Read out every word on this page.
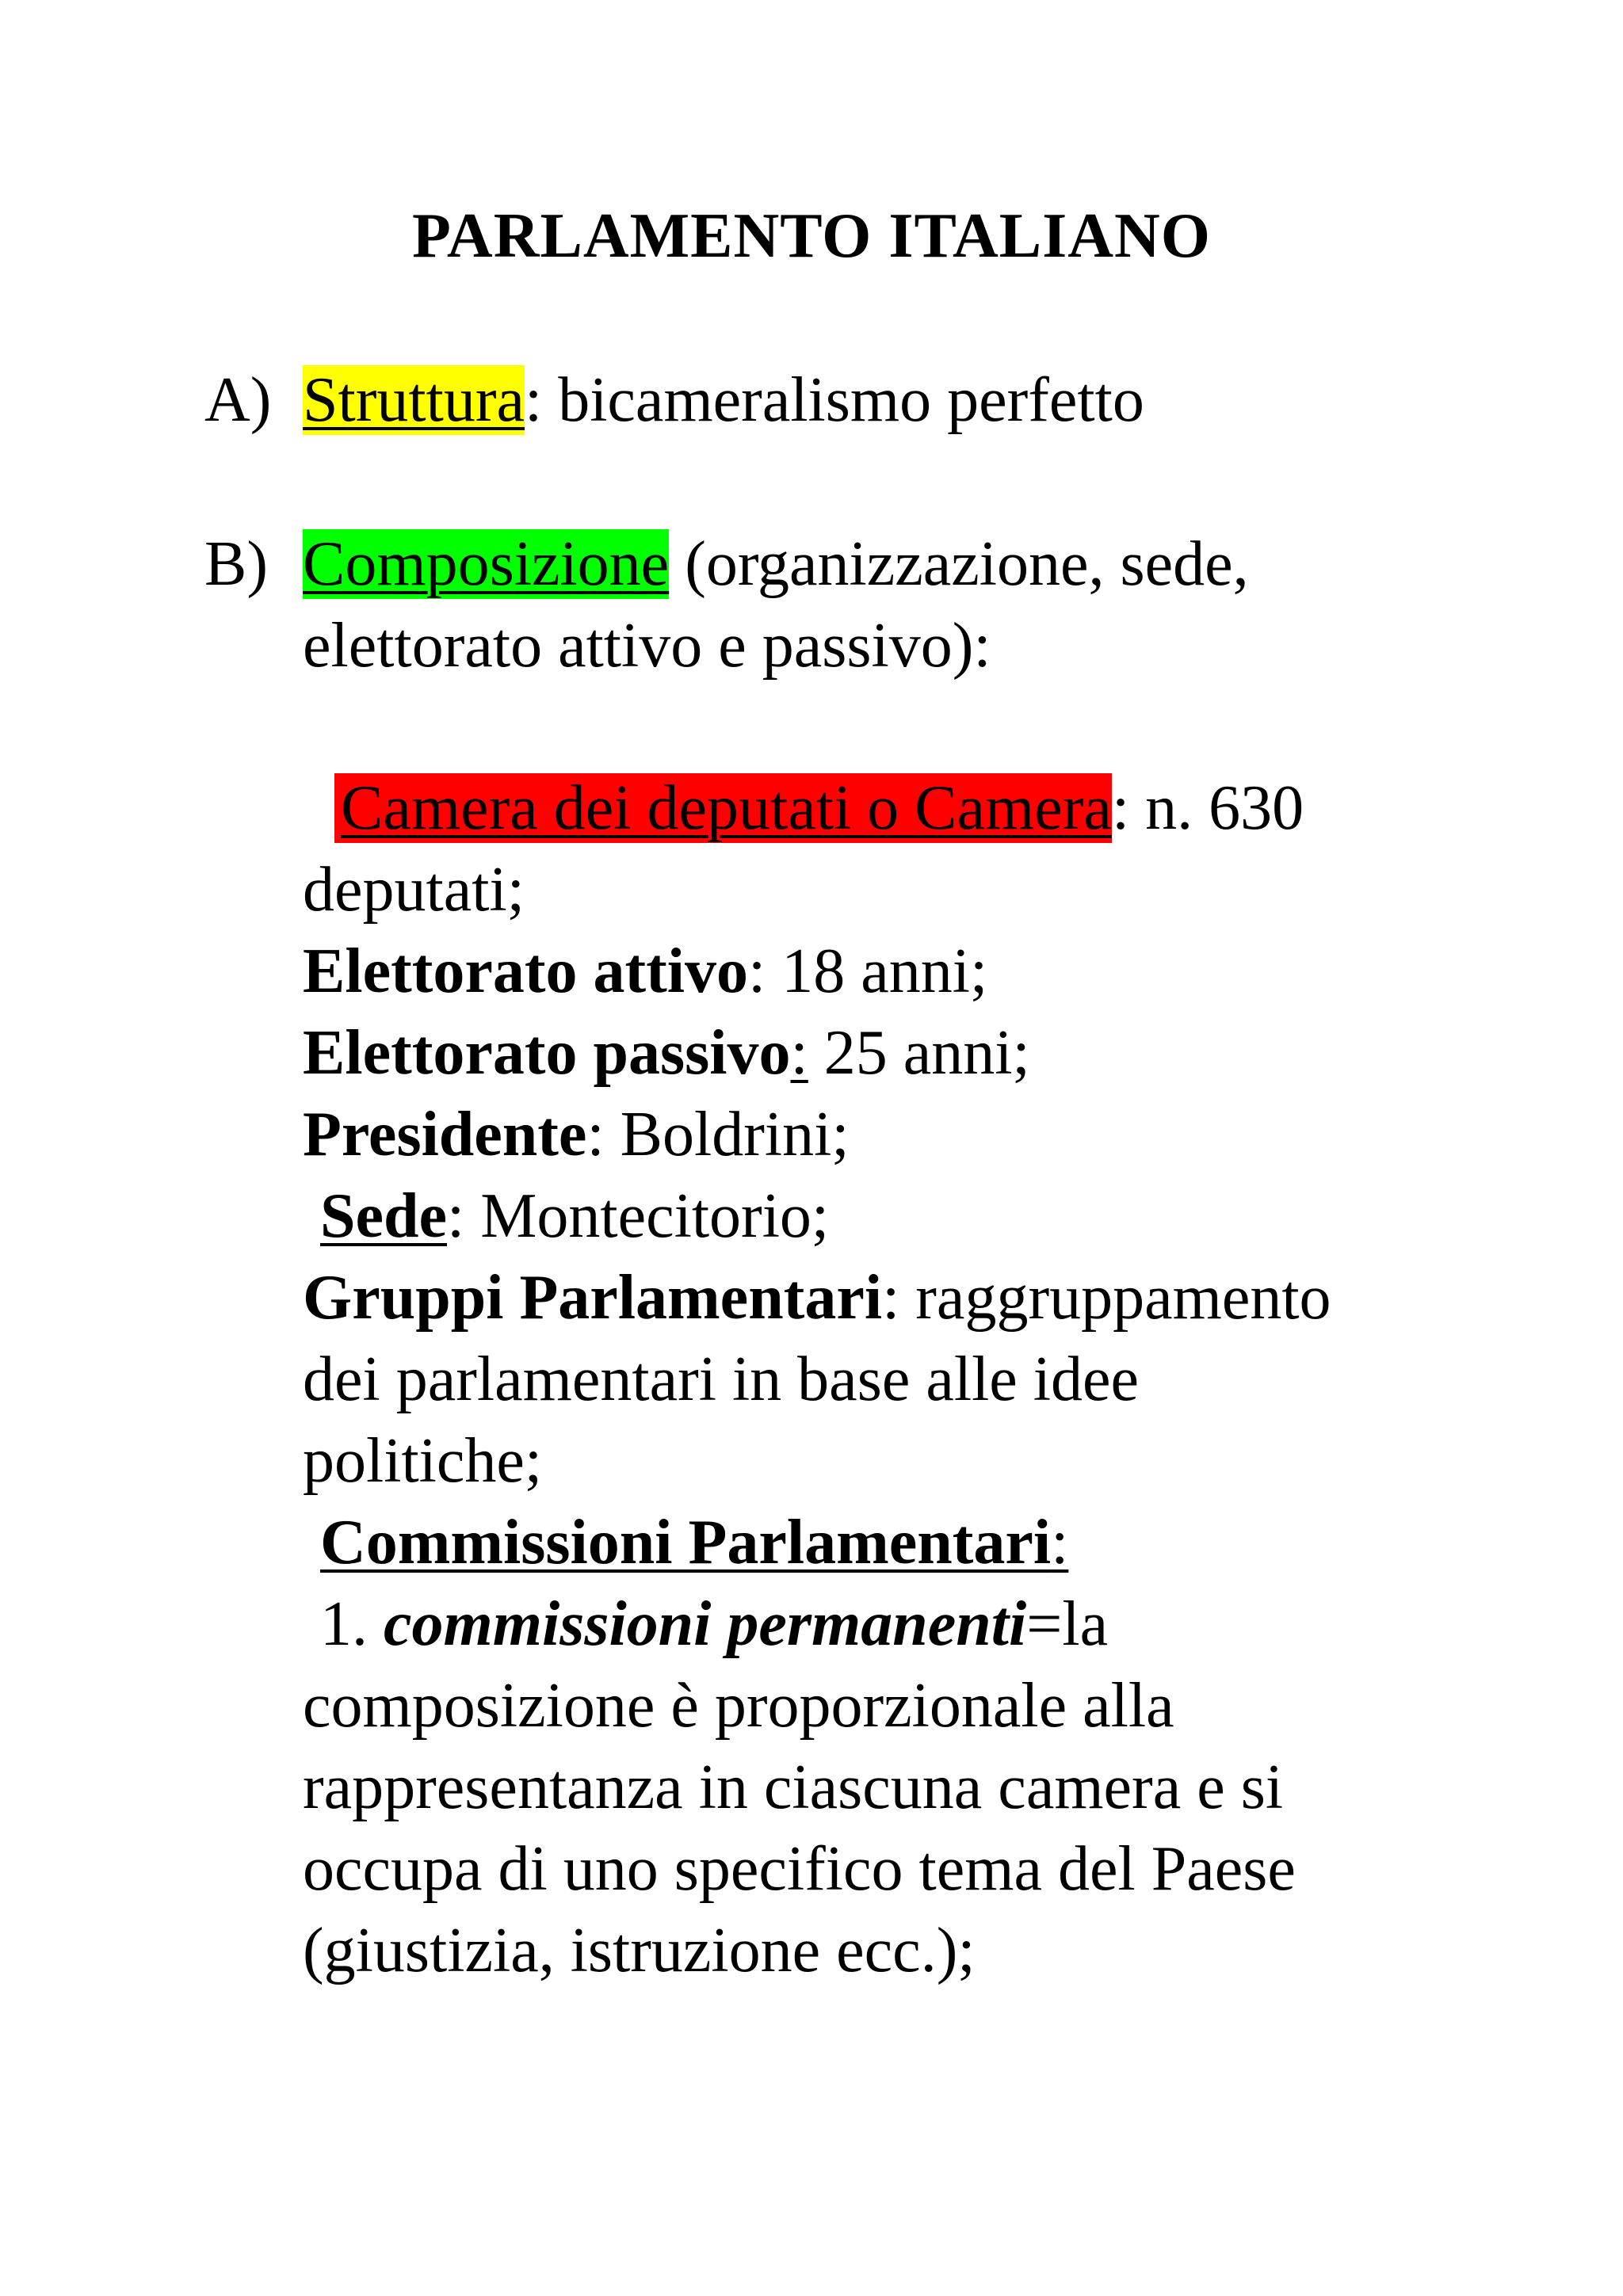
PARLAMENTO ITALIANO
A) Struttura: bicameralismo perfetto
B) Composizione (organizzazione, sede,
elettorato attivo e passivo):
Camera dei deputati o Camera: n. 630
deputati;
Elettorato attivo: 18 anni;
Elettorato passivo: 25 anni;
Presidente: Boldrini;
Sede: Montecitorio;
Gruppi Parlamentari: raggruppamento
dei parlamentari in base alle idee
politiche;
Commissioni Parlamentari:
1. commissioni permanenti=la
composizione è proporzionale alla
rappresentanza in ciascuna camera e si
occupa di uno specifico tema del Paese
(giustizia, istruzione ecc.);
